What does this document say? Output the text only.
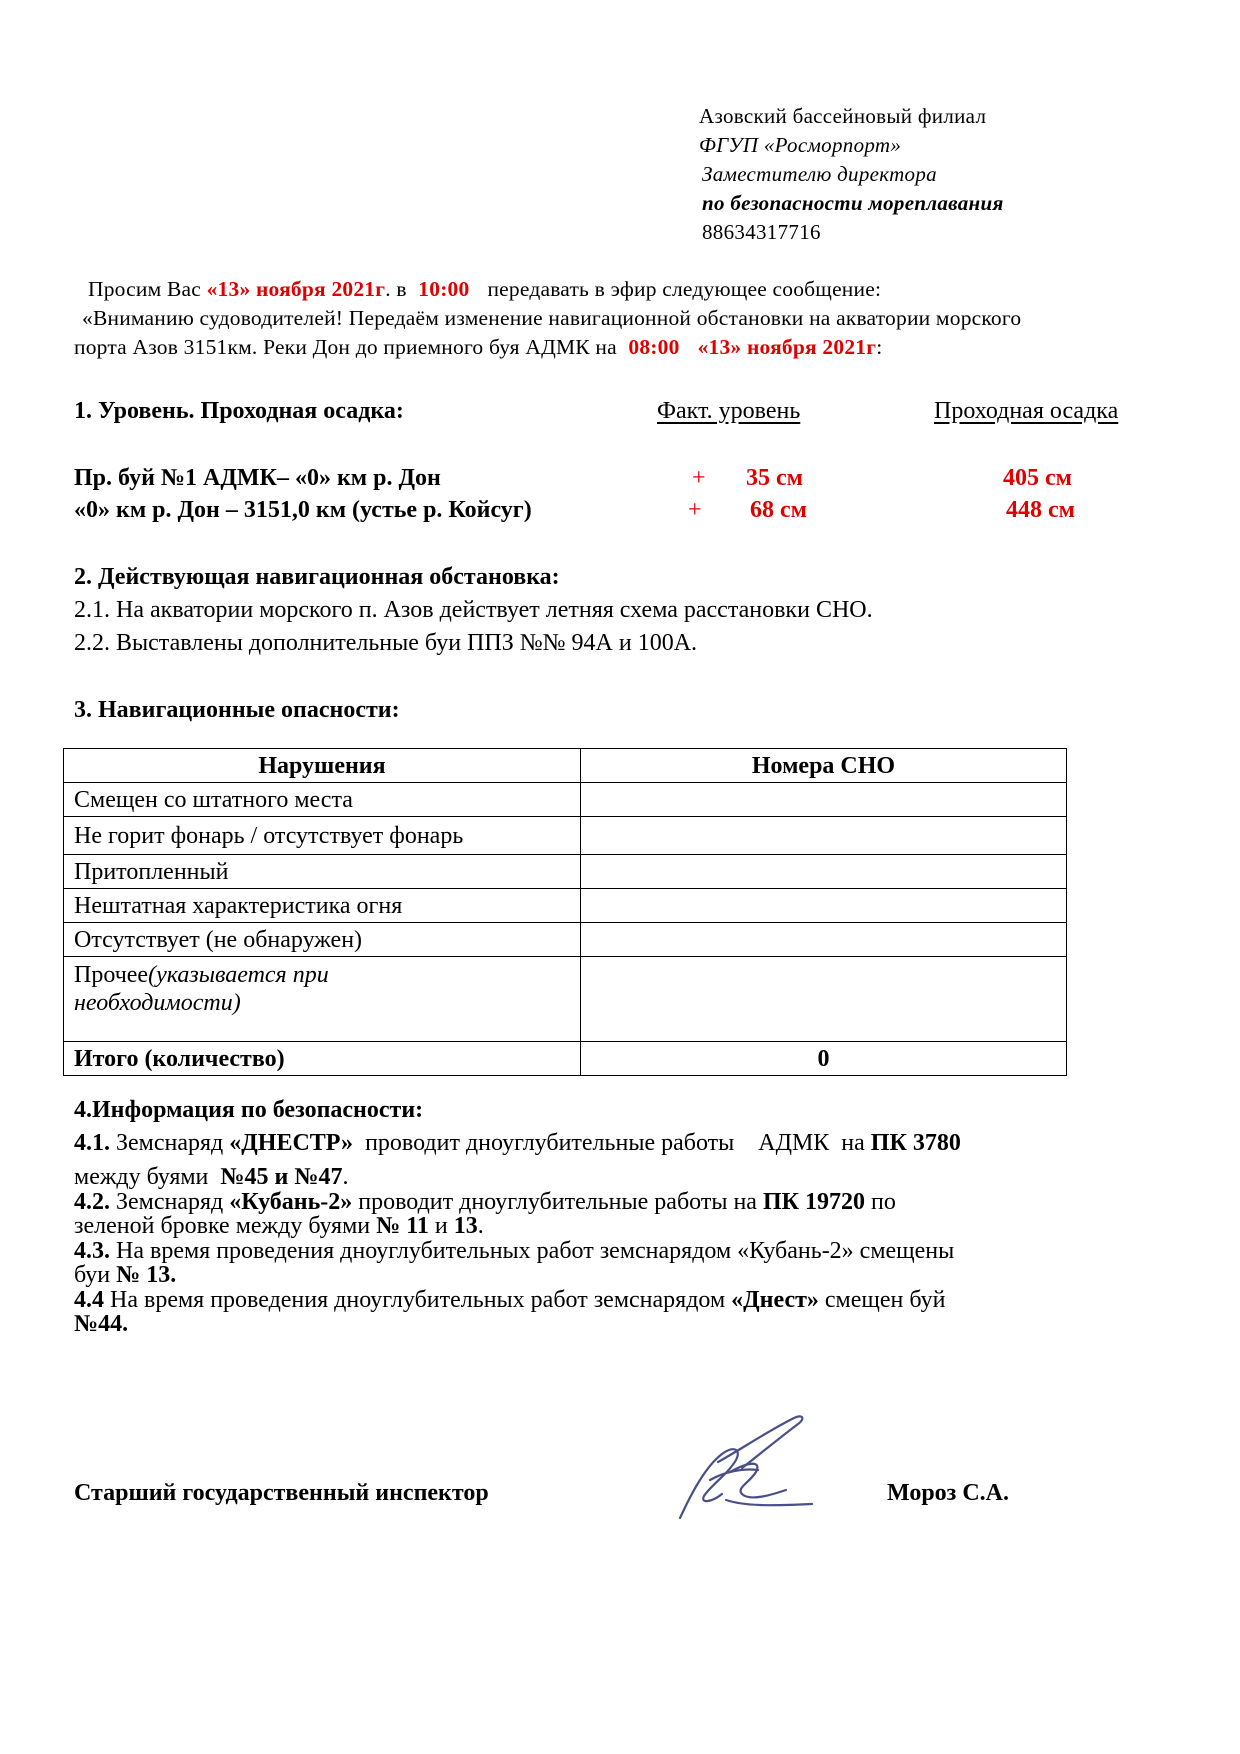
Азовский бассейновый филиал
ФГУП «Росморпорт»
Заместителю директора
по безопасности мореплавания
88634317716
Просим Вас «13» ноября 2021г. в 10:00 передавать в эфир следующее сообщение:
«Вниманию судоводителей! Передаём изменение навигационной обстановки на акватории морского
порта Азов 3151км. Реки Дон до приемного буя АДМК на 08:00 «13» ноября 2021г:
1. Уровень. Проходная осадка:	Факт. уровень	Проходная осадка
Пр. буй №1 АДМК– «0» км р. Дон	+ 35 см	405 см
«0» км р. Дон – 3151,0 км (устье р. Койсуг)	+ 68 см	448 см
2. Действующая навигационная обстановка:
2.1. На акватории морского п. Азов действует летняя схема расстановки СНО.
2.2. Выставлены дополнительные буи ППЗ №№ 94А и 100А.
3. Навигационные опасности:
Нарушения	Номера СНО
Смещен со штатного места	
Не горит фонарь / отсутствует фонарь	
Притопленный	
Нештатная характеристика огня	
Отсутствует (не обнаружен)	
Прочее(указывается при
необходимости)	
Итого (количество)	0
4.Информация по безопасности:
4.1. Земснаряд «ДНЕСТР»  проводит дноуглубительные работы    АДМК  на ПК 3780
между буями  №45 и №47.
4.2. Земснаряд «Кубань-2» проводит дноуглубительные работы на ПК 19720 по
зеленой бровке между буями № 11 и 13.
4.3. На время проведения дноуглубительных работ земснарядом «Кубань-2» смещены
буи № 13.
4.4 На время проведения дноуглубительных работ земснарядом «Днест» смещен буй
№44.
Старший государственный инспектор	Мороз С.А.
